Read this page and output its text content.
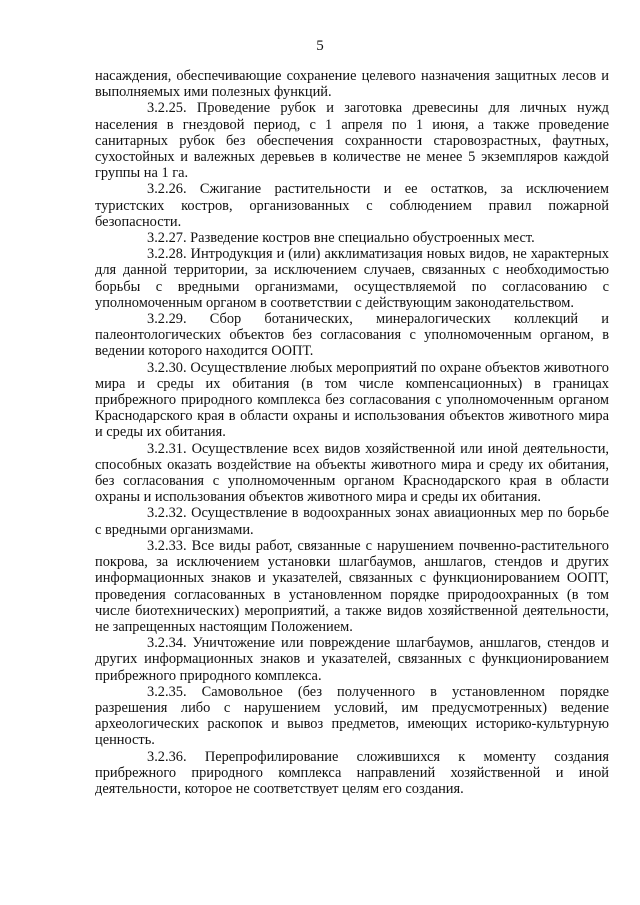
5

насаждения, обеспечивающие сохранение целевого назначения защитных лесов и выполняемых ими полезных функций.

3.2.25. Проведение рубок и заготовка древесины для личных нужд населения в гнездовой период, с 1 апреля по 1 июня, а также проведение санитарных рубок без обеспечения сохранности старовозрастных, фаутных, сухостойных и валежных деревьев в количестве не менее 5 экземпляров каждой группы на 1 га.

3.2.26. Сжигание растительности и ее остатков, за исключением туристских костров, организованных с соблюдением правил пожарной безопасности.

3.2.27. Разведение костров вне специально обустроенных мест.

3.2.28. Интродукция и (или) акклиматизация новых видов, не характерных для данной территории, за исключением случаев, связанных с необходимостью борьбы с вредными организмами, осуществляемой по согласованию с уполномоченным органом в соответствии с действующим законодательством.

3.2.29. Сбор ботанических, минералогических коллекций и палеонтологических объектов без согласования с уполномоченным органом, в ведении которого находится ООПТ.

3.2.30. Осуществление любых мероприятий по охране объектов животного мира и среды их обитания (в том числе компенсационных) в границах прибрежного природного комплекса без согласования с уполномоченным органом Краснодарского края в области охраны и использования объектов животного мира и среды их обитания.

3.2.31. Осуществление всех видов хозяйственной или иной деятельности, способных оказать воздействие на объекты животного мира и среду их обитания, без согласования с уполномоченным органом Краснодарского края в области охраны и использования объектов животного мира и среды их обитания.

3.2.32. Осуществление в водоохранных зонах авиационных мер по борьбе с вредными организмами.

3.2.33. Все виды работ, связанные с нарушением почвенно-растительного покрова, за исключением установки шлагбаумов, аншлагов, стендов и других информационных знаков и указателей, связанных с функционированием ООПТ, проведения согласованных в установленном порядке природоохранных (в том числе биотехнических) мероприятий, а также видов хозяйственной деятельности, не запрещенных настоящим Положением.

3.2.34. Уничтожение или повреждение шлагбаумов, аншлагов, стендов и других информационных знаков и указателей, связанных с функционированием прибрежного природного комплекса.

3.2.35. Самовольное (без полученного в установленном порядке разрешения либо с нарушением условий, им предусмотренных) ведение археологических раскопок и вывоз предметов, имеющих историко-культурную ценность.

3.2.36. Перепрофилирование сложившихся к моменту создания прибрежного природного комплекса направлений хозяйственной и иной деятельности, которое не соответствует целям его создания.
